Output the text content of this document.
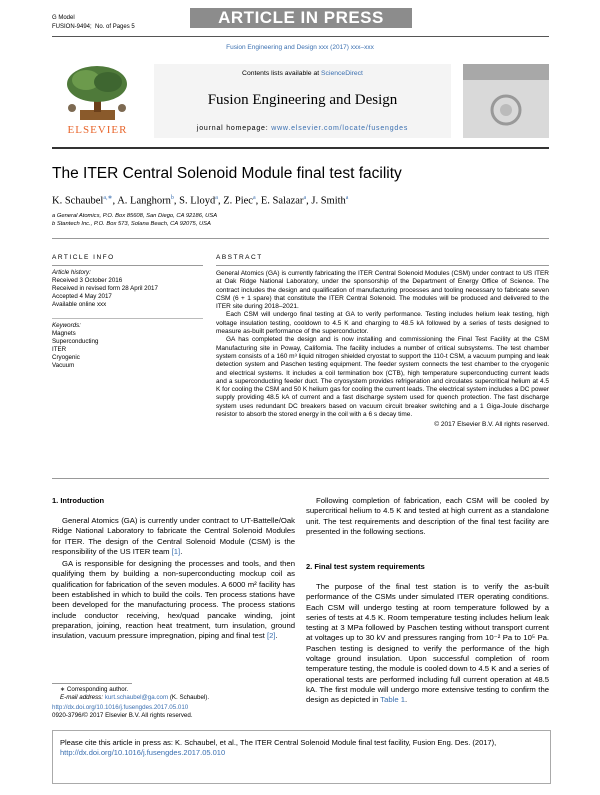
G Model
FUSION-9494; No. of Pages 5	ARTICLE IN PRESS
Fusion Engineering and Design xxx (2017) xxx–xxx
ELSEVIER
Contents lists available at ScienceDirect
Fusion Engineering and Design
journal homepage: www.elsevier.com/locate/fusengdes
The ITER Central Solenoid Module final test facility
K. Schaubel$^{a,∗}$, A. Langhorn$^b$, S. Lloyd$^a$, Z. Piec$^a$, E. Salazar$^a$, J. Smith$^a$
a General Atomics, P.O. Box 85608, San Diego, CA 92186, USA
b Stantech Inc., P.O. Box 573, Solana Beach, CA 92075, USA
ARTICLE INFO
Article history:
Received 3 October 2016
Received in revised form 28 April 2017
Accepted 4 May 2017
Available online xxx
Keywords:
Magnets
Superconducting
ITER
Cryogenic
Vacuum
ABSTRACT

General Atomics (GA) is currently fabricating the ITER Central Solenoid Modules (CSM) under contract to US ITER at Oak Ridge National Laboratory, under the sponsorship of the Department of Energy Office of Science. The contract includes the design and qualification of manufacturing processes and tooling necessary to fabricate seven CSM (6 + 1 spare) that constitute the ITER Central Solenoid. The modules will be produced and delivered to the ITER site during 2018–2021.

Each CSM will undergo final testing at GA to verify performance. Testing includes helium leak testing, high voltage insulation testing, cooldown to 4.5 K and charging to 48.5 kA followed by a series of tests designed to measure as-built performance of the superconductor.

GA has completed the design and is now installing and commissioning the Final Test Facility at the CSM Manufacturing site in Poway, California. The facility includes a number of critical subsystems. The test chamber system consists of a 160 m³ liquid nitrogen shielded cryostat to support the 110-t CSM, a vacuum pumping and leak detection system and Paschen testing equipment. The feeder system connects the test chamber to the cryogenic and electrical systems. It includes a coil termination box (CTB), high temperature superconducting current leads and a superconducting feeder duct. The cryosystem provides refrigeration and circulates supercritical helium at 4.5 K for cooling the CSM and 50 K helium gas for cooling the current leads. The electrical system includes a DC power supply providing 48.5 kA of current and a fast discharge system used for quench protection. The fast discharge system uses redundant DC breakers based on vacuum circuit breaker switching and a 1 Giga-Joule discharge resistor to absorb the stored energy in the coil with a 6 s decay time.

© 2017 Elsevier B.V. All rights reserved.
1. Introduction

General Atomics (GA) is currently under contract to UT-Battelle/Oak Ridge National Laboratory to fabricate the Central Solenoid Modules for ITER. The design of the Central Solenoid Module (CSM) is the responsibility of the US ITER team [1].

GA is responsible for designing the processes and tools, and then qualifying them by building a non-superconducting mockup coil as qualification for fabrication of the seven modules. A 6000 m² facility has been established in which to build the coils. Ten process stations have been developed for the manufacturing process. The process stations include conductor receiving, hex/quad pancake winding, joint preparation, joining, reaction heat treatment, turn insulation, ground insulation, vacuum pressure impregnation, piping and final test [2].

∗ Corresponding author.
E-mail address: kurt.schaubel@ga.com (K. Schaubel).
http://dx.doi.org/10.1016/j.fusengdes.2017.05.010
0920-3796/© 2017 Elsevier B.V. All rights reserved.

Following completion of fabrication, each CSM will be cooled by supercritical helium to 4.5 K and tested at high current as a standalone unit. The test requirements and description of the final test facility are presented in the following sections.

2. Final test system requirements

The purpose of the final test station is to verify the as-built performance of the CSMs under simulated ITER operating conditions. Each CSM will undergo testing at room temperature followed by a series of tests at 4.5 K. Room temperature testing includes helium leak testing at 3 MPa followed by Paschen testing without transport current at voltages up to 30 kV and pressures ranging from 10⁻² Pa to 10⁵ Pa. Paschen testing is designed to verify the performance of the high voltage ground insulation. Upon successful completion of room temperature testing, the module is cooled down to 4.5 K and a series of operational tests are performed including full current operation at 48.5 kA. The first module will undergo more extensive testing to confirm the design as depicted in Table 1.

Please cite this article in press as: K. Schaubel, et al., The ITER Central Solenoid Module final test facility, Fusion Eng. Des. (2017), http://dx.doi.org/10.1016/j.fusengdes.2017.05.010
